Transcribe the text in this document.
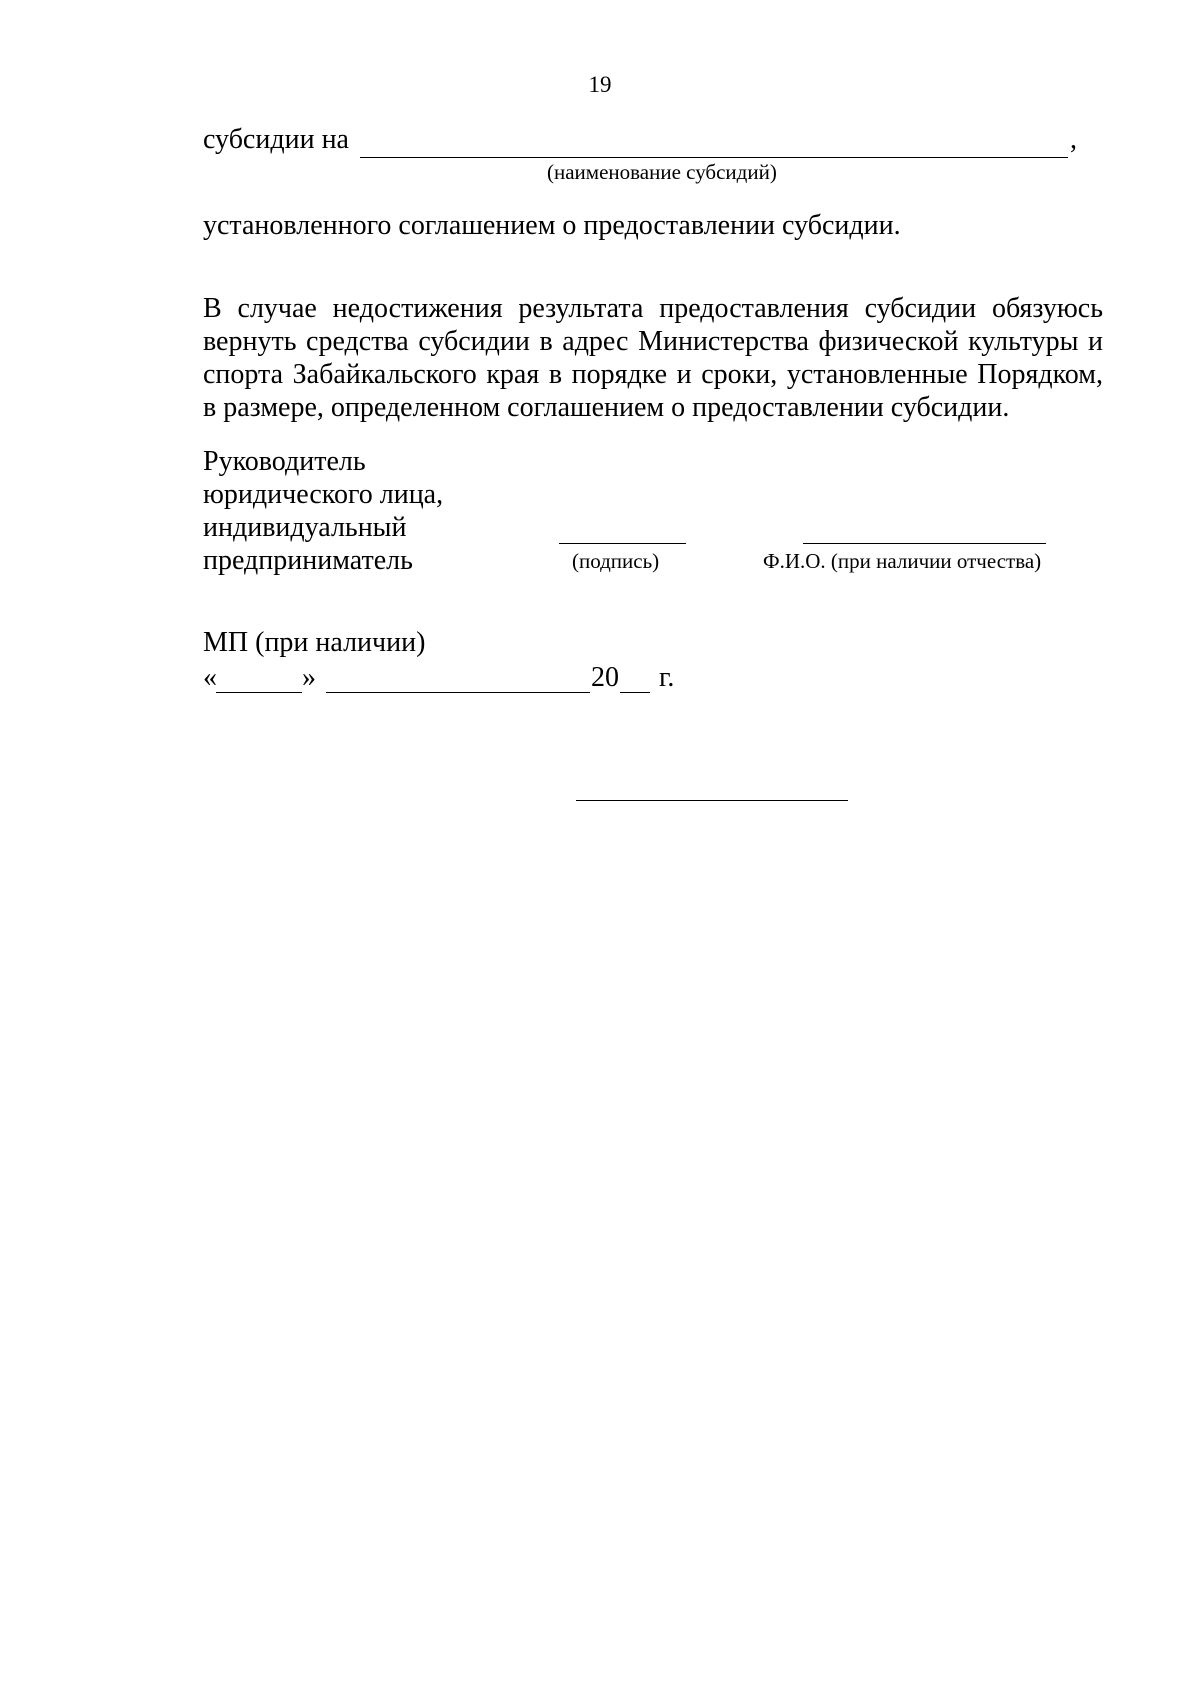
19
субсидии на	,
(наименование субсидий)
установленного соглашением о предоставлении субсидии.
В случае недостижения результата предоставления субсидии обязуюсь
вернуть средства субсидии в адрес Министерства физической культуры и
спорта Забайкальского края в порядке и сроки, установленные Порядком,
в размере, определенном соглашением о предоставлении субсидии.
Руководитель
юридического лица,
индивидуальный
предприниматель	(подпись)	Ф.И.О. (при наличии отчества)
МП (при наличии)
«	»	20 г.
